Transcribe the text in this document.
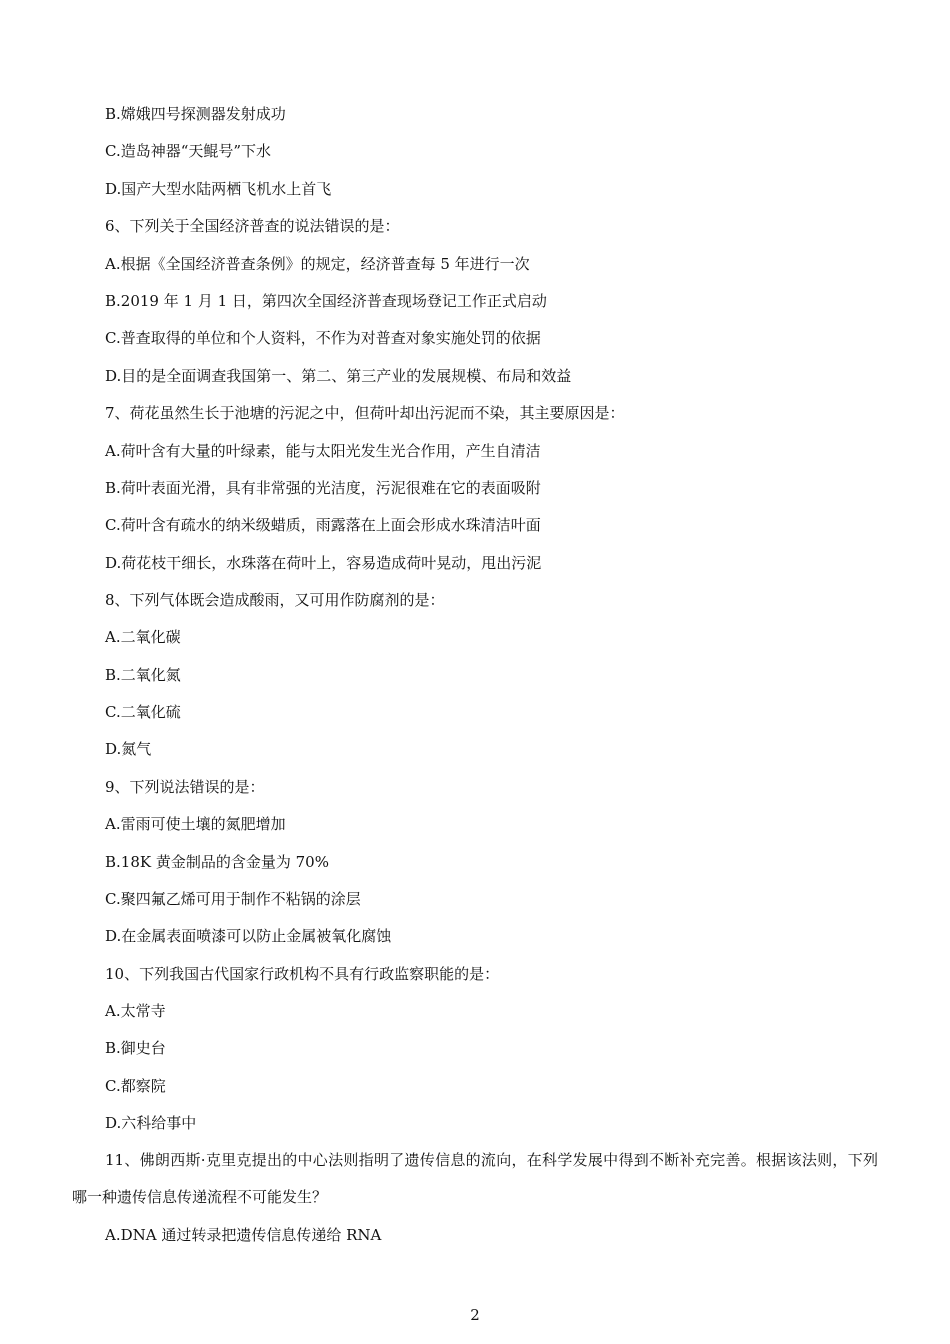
B.嫦娥四号探测器发射成功
C.造岛神器“天鲲号”下水
D.国产大型水陆两栖飞机水上首飞
6、下列关于全国经济普查的说法错误的是：
A.根据《全国经济普查条例》的规定，经济普查每 5 年进行一次
B.2019 年 1 月 1 日，第四次全国经济普查现场登记工作正式启动
C.普查取得的单位和个人资料，不作为对普查对象实施处罚的依据
D.目的是全面调查我国第一、第二、第三产业的发展规模、布局和效益
7、荷花虽然生长于池塘的污泥之中，但荷叶却出污泥而不染，其主要原因是：
A.荷叶含有大量的叶绿素，能与太阳光发生光合作用，产生自清洁
B.荷叶表面光滑，具有非常强的光洁度，污泥很难在它的表面吸附
C.荷叶含有疏水的纳米级蜡质，雨露落在上面会形成水珠清洁叶面
D.荷花枝干细长，水珠落在荷叶上，容易造成荷叶晃动，甩出污泥
8、下列气体既会造成酸雨，又可用作防腐剂的是：
A.二氧化碳
B.二氧化氮
C.二氧化硫
D.氮气
9、下列说法错误的是：
A.雷雨可使土壤的氮肥增加
B.18K 黄金制品的含金量为 70%
C.聚四氟乙烯可用于制作不粘锅的涂层
D.在金属表面喷漆可以防止金属被氧化腐蚀
10、下列我国古代国家行政机构不具有行政监察职能的是：
A.太常寺
B.御史台
C.都察院
D.六科给事中
11、佛朗西斯·克里克提出的中心法则指明了遗传信息的流向，在科学发展中得到不断补充完善。根据该法则，下列哪一种遗传信息传递流程不可能发生？
A.DNA 通过转录把遗传信息传递给 RNA
2
